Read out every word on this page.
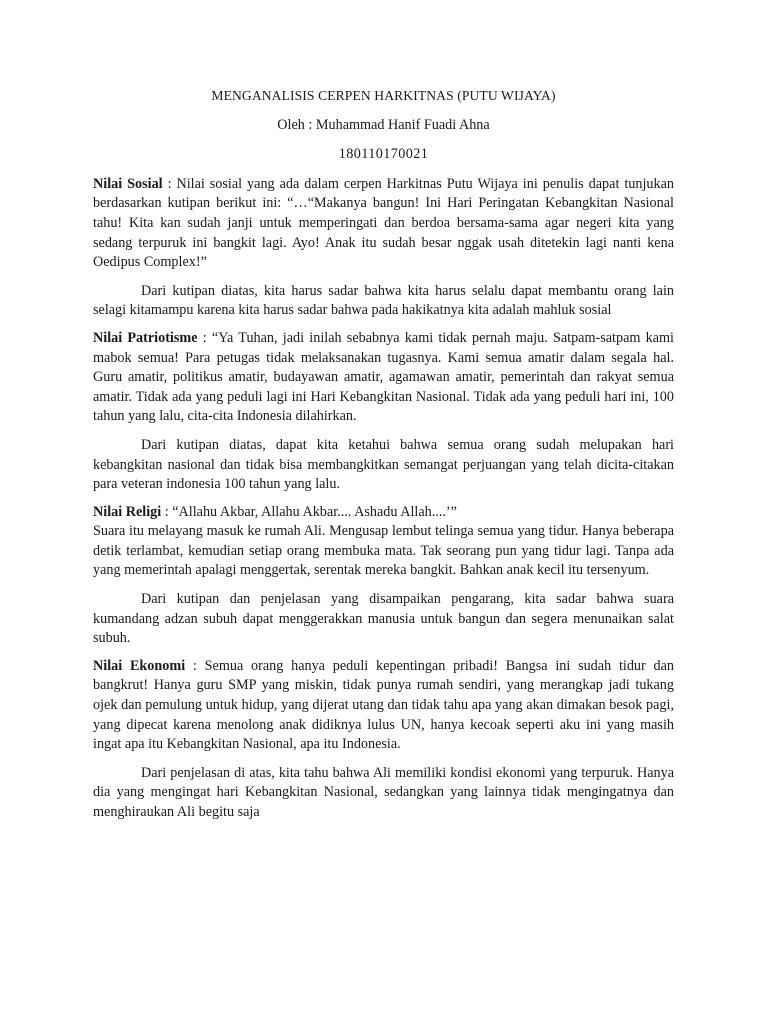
MENGANALISIS CERPEN HARKITNAS (PUTU WIJAYA)

Oleh : Muhammad Hanif Fuadi Ahna

180110170021

Nilai Sosial : Nilai sosial yang ada dalam cerpen Harkitnas Putu Wijaya ini penulis dapat tunjukan berdasarkan kutipan berikut ini: “…“Makanya bangun! Ini Hari Peringatan Kebangkitan Nasional tahu! Kita kan sudah janji untuk memperingati dan berdoa bersama-sama agar negeri kita yang sedang terpuruk ini bangkit lagi. Ayo! Anak itu sudah besar nggak usah ditetekin lagi nanti kena Oedipus Complex!”

Dari kutipan diatas, kita harus sadar bahwa kita harus selalu dapat membantu orang lain selagi kitamampu karena kita harus sadar bahwa pada hakikatnya kita adalah mahluk sosial

Nilai Patriotisme : “Ya Tuhan, jadi inilah sebabnya kami tidak pernah maju. Satpam-satpam kami mabok semua! Para petugas tidak melaksanakan tugasnya. Kami semua amatir dalam segala hal. Guru amatir, politikus amatir, budayawan amatir, agamawan amatir, pemerintah dan rakyat semua amatir. Tidak ada yang peduli lagi ini Hari Kebangkitan Nasional. Tidak ada yang peduli hari ini, 100 tahun yang lalu, cita-cita Indonesia dilahirkan.

Dari kutipan diatas, dapat kita ketahui bahwa semua orang sudah melupakan hari kebangkitan nasional dan tidak bisa membangkitkan semangat perjuangan yang telah dicita-citakan para veteran indonesia 100 tahun yang lalu.

Nilai Religi : “Allahu Akbar, Allahu Akbar.... Ashadu Allah....’”

Suara itu melayang masuk ke rumah Ali. Mengusap lembut telinga semua yang tidur. Hanya beberapa detik terlambat, kemudian setiap orang membuka mata. Tak seorang pun yang tidur lagi. Tanpa ada yang memerintah apalagi menggertak, serentak mereka bangkit. Bahkan anak kecil itu tersenyum.

Dari kutipan dan penjelasan yang disampaikan pengarang, kita sadar bahwa suara kumandang adzan subuh dapat menggerakkan manusia untuk bangun dan segera menunaikan salat subuh.

Nilai Ekonomi : Semua orang hanya peduli kepentingan pribadi! Bangsa ini sudah tidur dan bangkrut! Hanya guru SMP yang miskin, tidak punya rumah sendiri, yang merangkap jadi tukang ojek dan pemulung untuk hidup, yang dijerat utang dan tidak tahu apa yang akan dimakan besok pagi, yang dipecat karena menolong anak didiknya lulus UN, hanya kecoak seperti aku ini yang masih ingat apa itu Kebangkitan Nasional, apa itu Indonesia.

Dari penjelasan di atas, kita tahu bahwa Ali memiliki kondisi ekonomi yang terpuruk. Hanya dia yang mengingat hari Kebangkitan Nasional, sedangkan yang lainnya tidak mengingatnya dan menghiraukan Ali begitu saja
